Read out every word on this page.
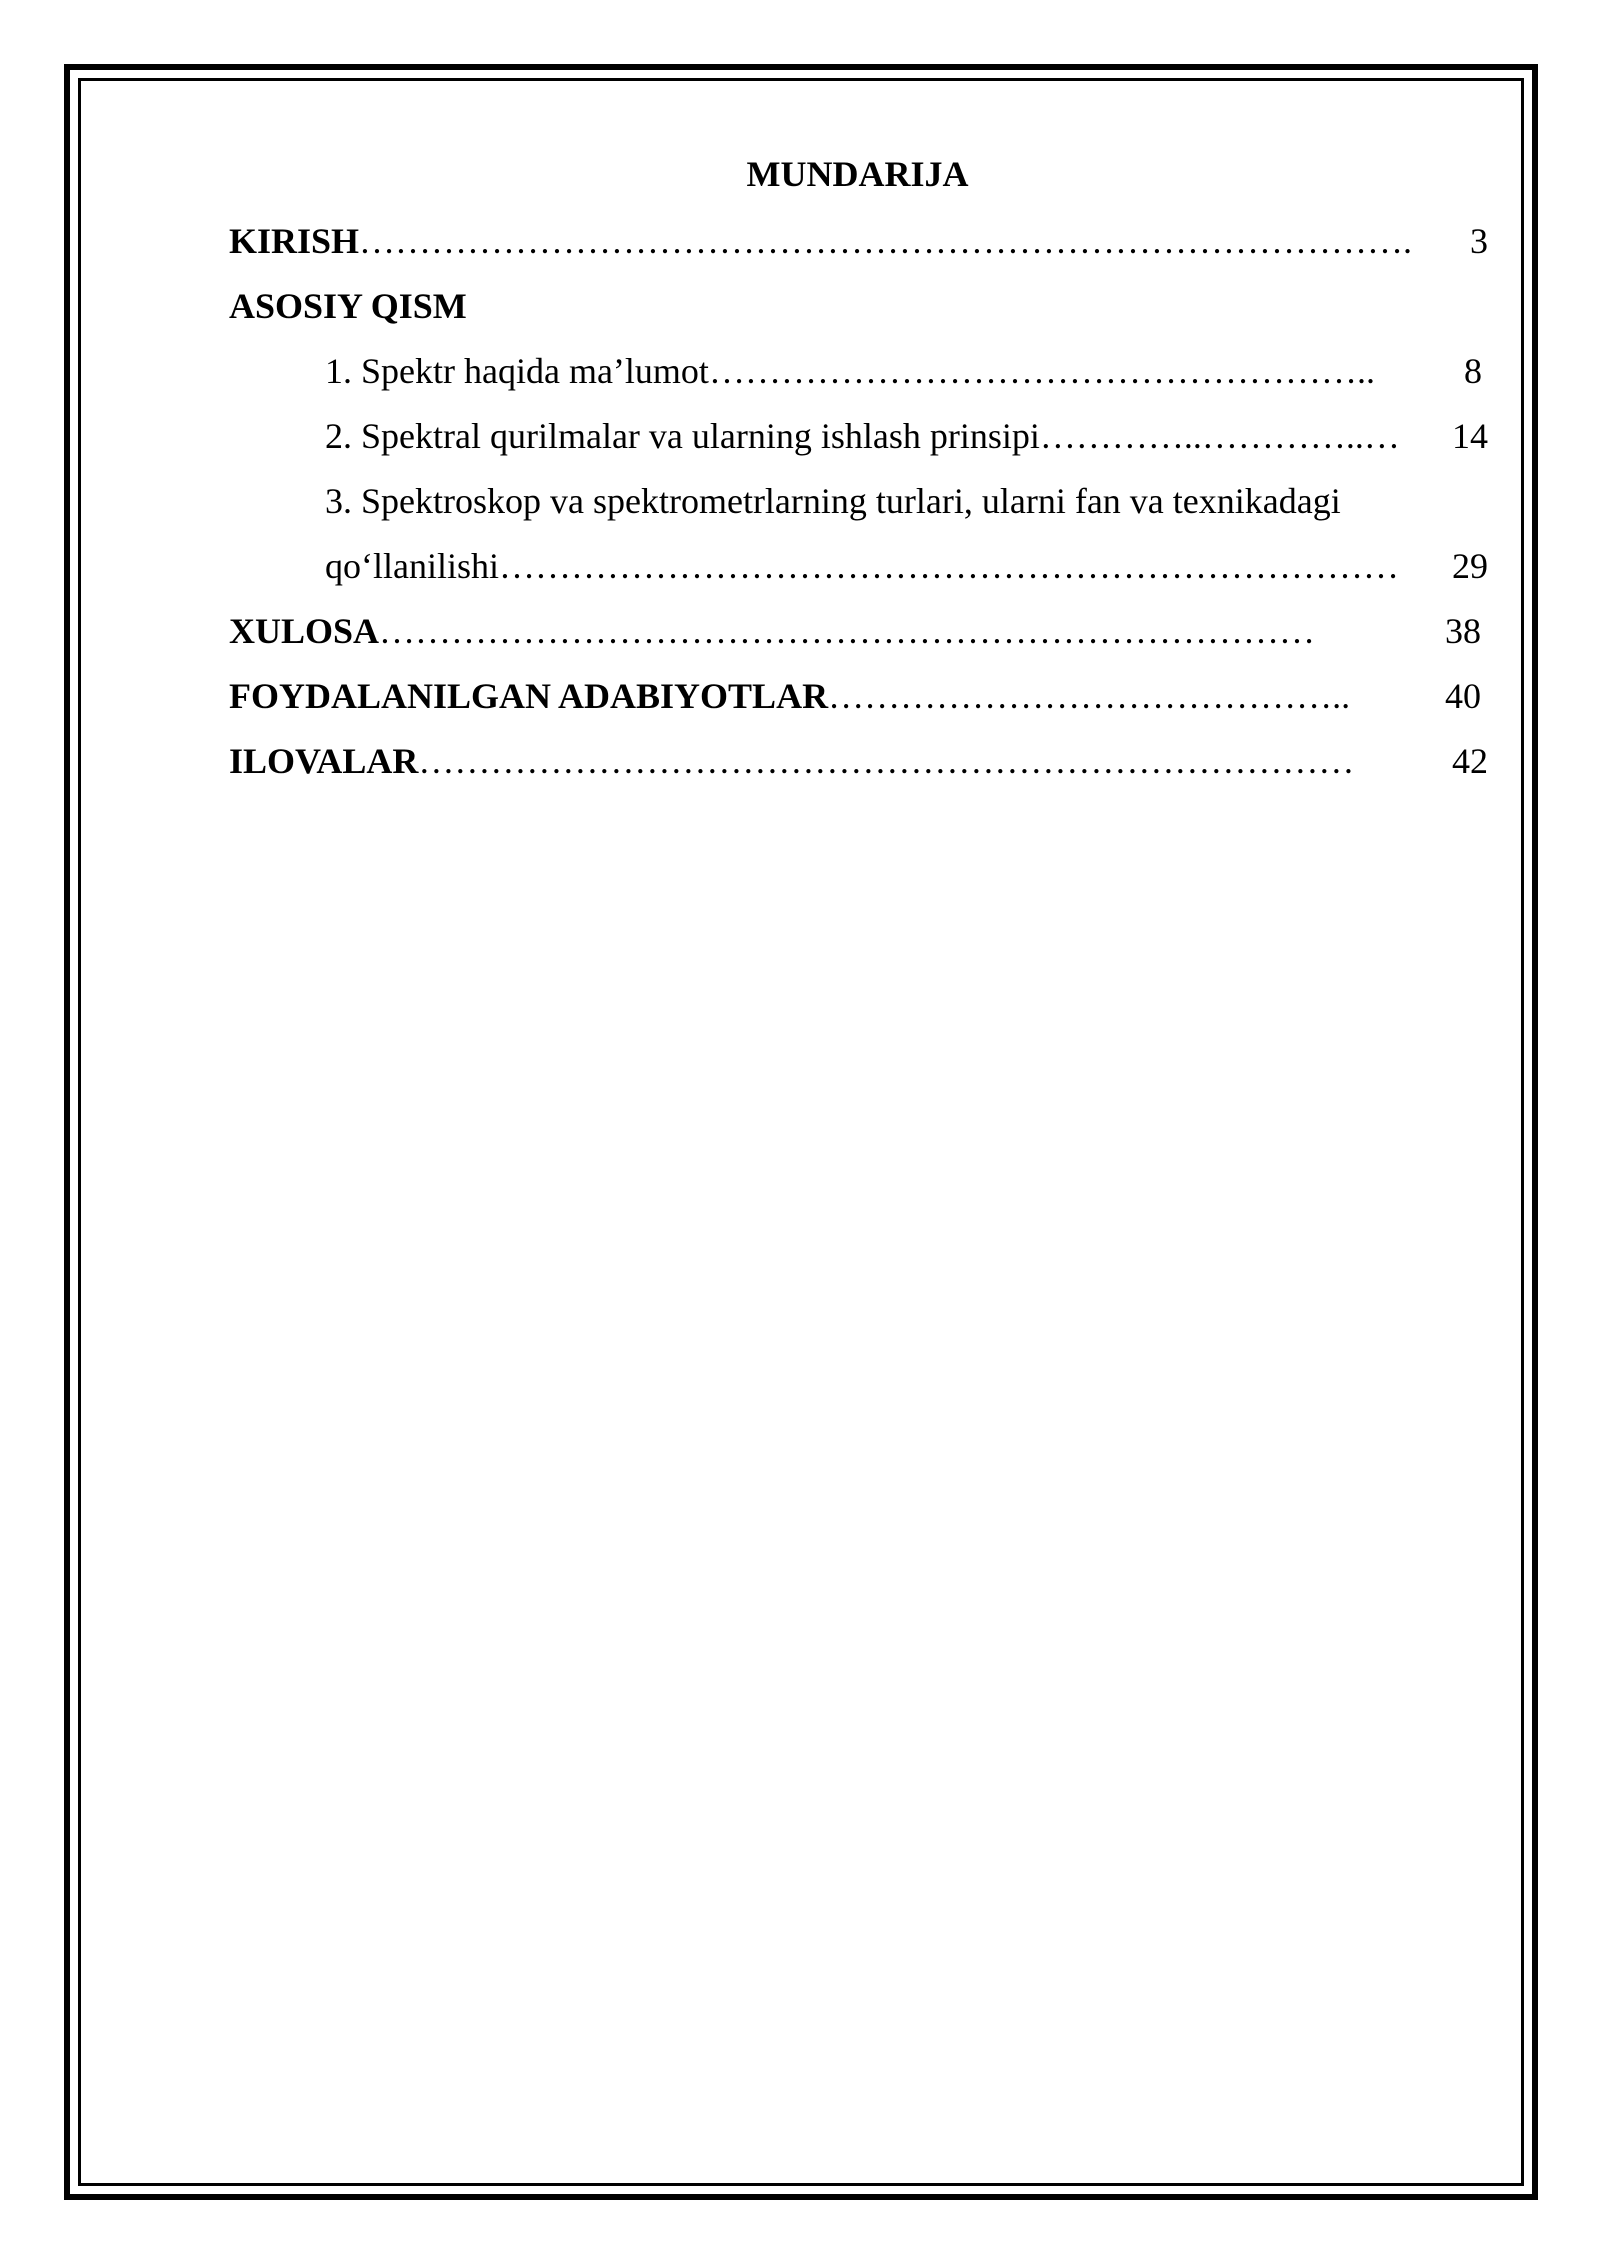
MUNDARIJA
KIRISH …………………………………………………………………………….	3
ASOSIY QISM
1. Spektr haqida ma’lumot ………………………………………………..	8
2. Spektral qurilmalar va ularning ishlash prinsipi …………..…………..…	14
3. Spektroskop va spektrometrlarning turlari, ularni fan va texnikadagi
qo‘llanilishi …………………………………………………………………	29
XULOSA ……………………………………………………………………	38
FOYDALANILGAN ADABIYOTLAR ……………………………………..	40
ILOVALAR ……………………………………………………………………	42
